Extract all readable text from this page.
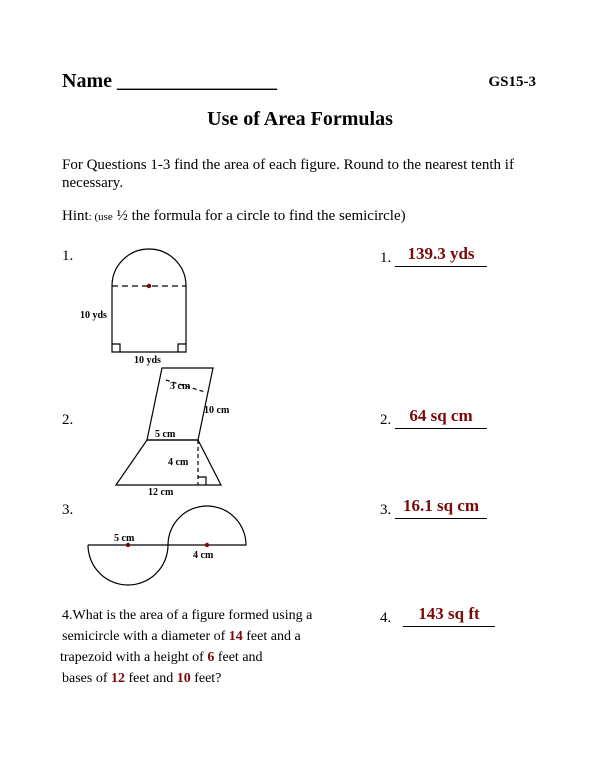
Name ________________	GS15-3
Use of Area Formulas
For Questions 1-3 find the area of each figure. Round to the nearest tenth if necessary.
Hint: (use ½ the formula for a circle to find the semicircle)
1.
2.
3.
1. 139.3 yds
2.	64 sq cm
3. 16.1 sq cm
4.	143 sq ft
10 yds
10 yds
3 cm
10 cm
5 cm
4 cm
12 cm
5 cm
4 cm
4.What is the area of a figure formed using a
semicircle with a diameter of 14 feet and a
trapezoid with a height of 6 feet and
bases of 12 feet and 10 feet?
